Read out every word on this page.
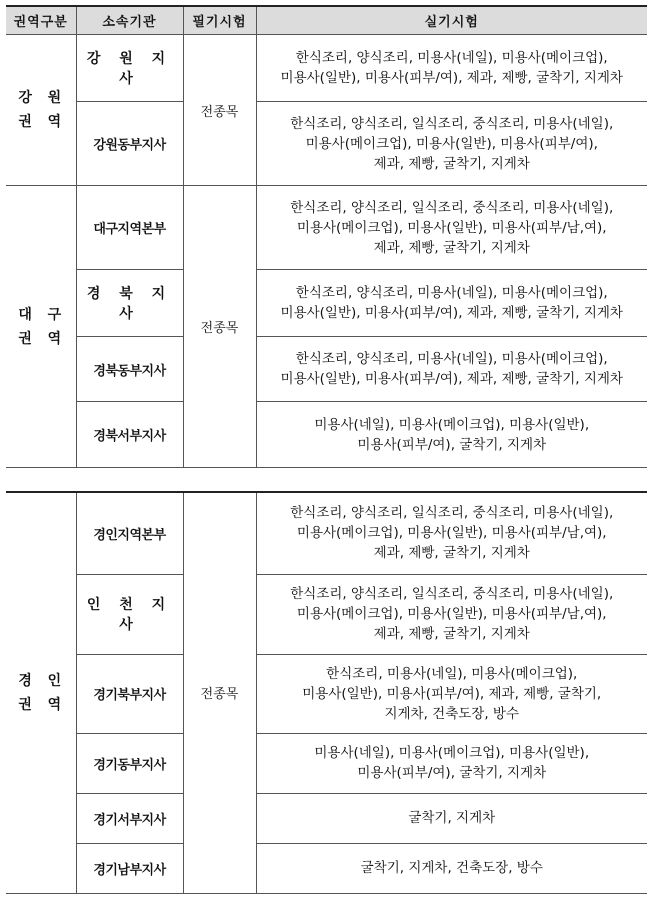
권역구분	소속기관	필기시험	실기시험

강  원
권  역	강 원 지 사	전종목	한식조리, 양식조리, 미용사(네일), 미용사(메이크업),
미용사(일반), 미용사(피부/여), 제과, 제빵, 굴착기, 지게차

	강원동부지사		한식조리, 양식조리, 일식조리, 중식조리, 미용사(네일),
미용사(메이크업), 미용사(일반), 미용사(피부/여),
제과, 제빵, 굴착기, 지게차

대  구
권  역	대구지역본부	전종목	한식조리, 양식조리, 일식조리, 중식조리, 미용사(네일),
미용사(메이크업), 미용사(일반), 미용사(피부/남,여),
제과, 제빵, 굴착기, 지게차

	경 북 지 사		한식조리, 양식조리, 미용사(네일), 미용사(메이크업),
미용사(일반), 미용사(피부/여), 제과, 제빵, 굴착기, 지게차

	경북동부지사		한식조리, 양식조리, 미용사(네일), 미용사(메이크업),
미용사(일반), 미용사(피부/여), 제과, 제빵, 굴착기, 지게차

	경북서부지사		미용사(네일), 미용사(메이크업), 미용사(일반),
미용사(피부/여), 굴착기, 지게차
경  인
권  역	경인지역본부	전종목	한식조리, 양식조리, 일식조리, 중식조리, 미용사(네일),
미용사(메이크업), 미용사(일반), 미용사(피부/남,여),
제과, 제빵, 굴착기, 지게차

	인 천 지 사		한식조리, 양식조리, 일식조리, 중식조리, 미용사(네일),
미용사(메이크업), 미용사(일반), 미용사(피부/남,여),
제과, 제빵, 굴착기, 지게차

	경기북부지사		한식조리, 미용사(네일), 미용사(메이크업),
미용사(일반), 미용사(피부/여), 제과, 제빵, 굴착기,
지게차, 건축도장, 방수

	경기동부지사		미용사(네일), 미용사(메이크업), 미용사(일반),
미용사(피부/여), 굴착기, 지게차

	경기서부지사		굴착기, 지게차

	경기남부지사		굴착기, 지게차, 건축도장, 방수
